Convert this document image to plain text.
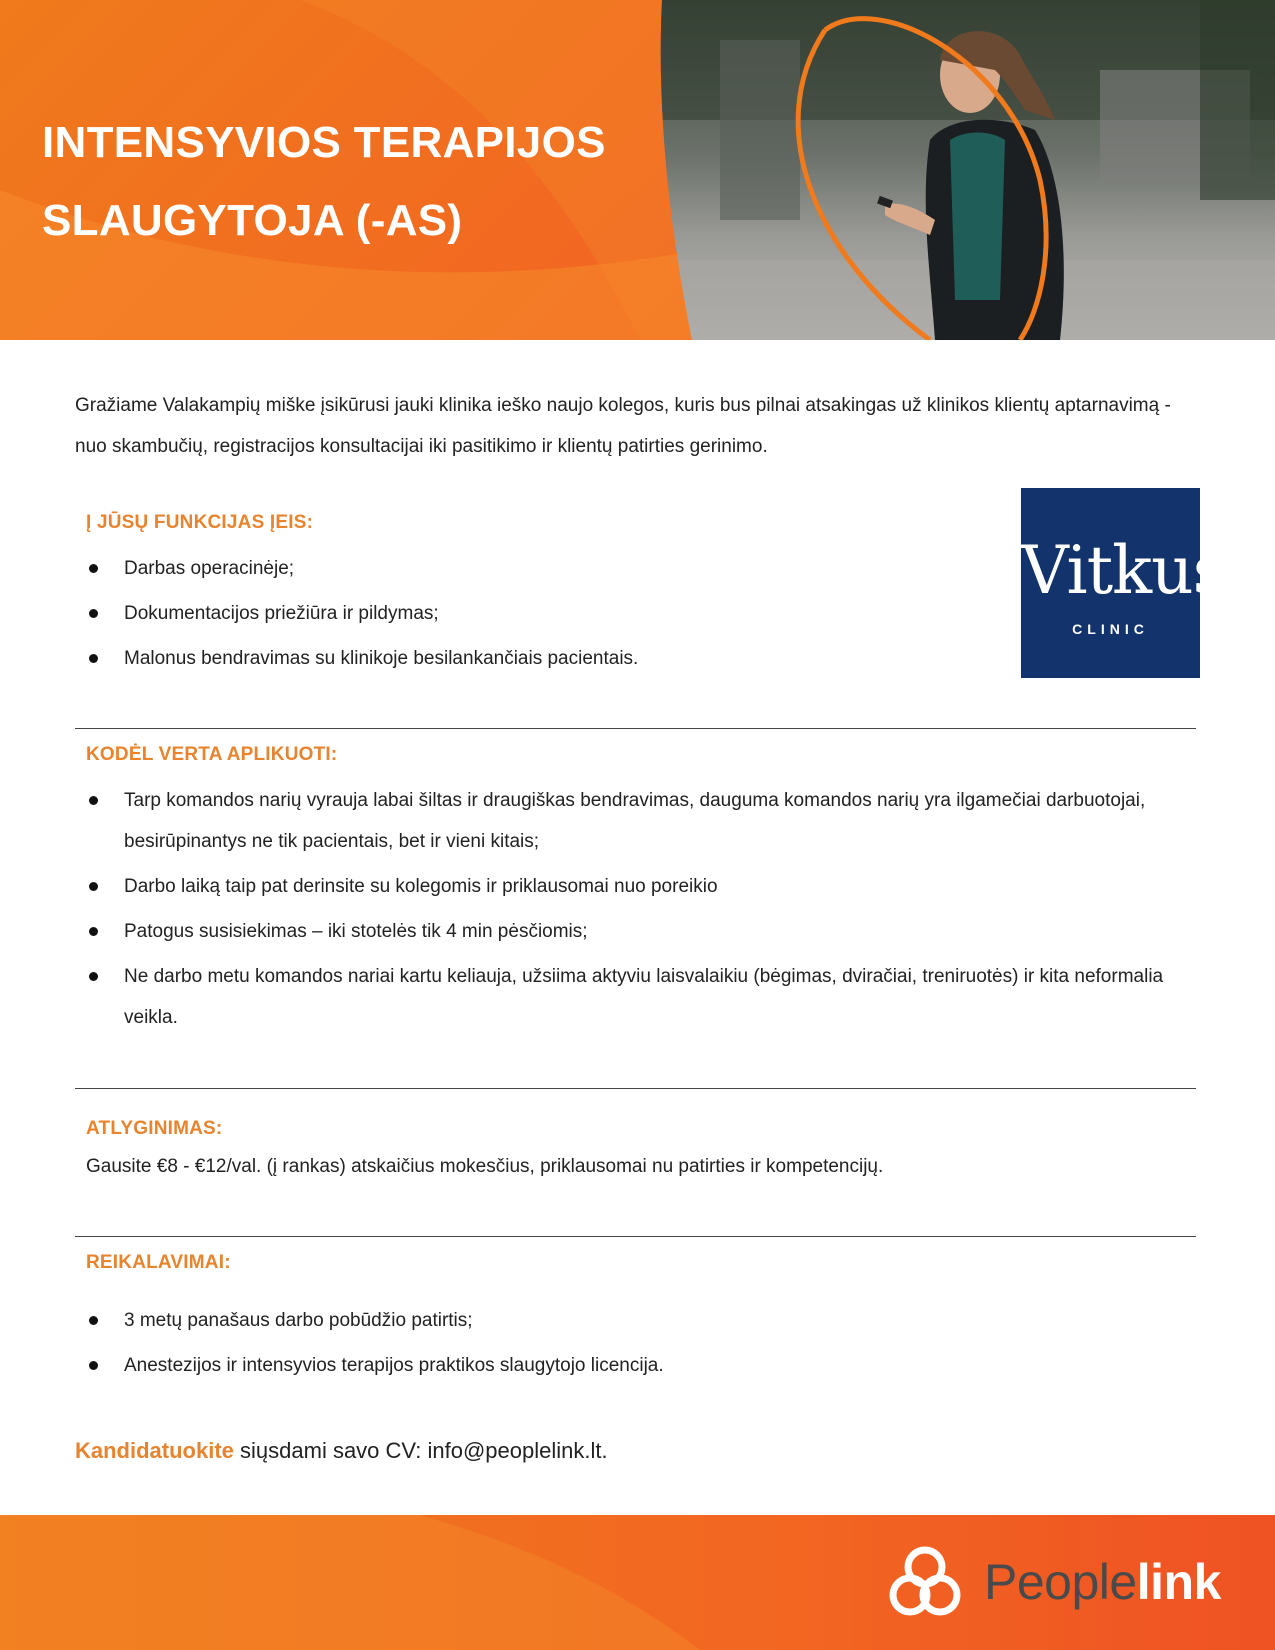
INTENSYVIOS TERAPIJOS
SLAUGYTOJA (-AS)

Gražiame Valakampių miške įsikūrusi jauki klinika ieško naujo kolegos, kuris bus pilnai atsakingas už klinikos klientų aptarnavimą - nuo skambučių, registracijos konsultacijai iki pasitikimo ir klientų patirties gerinimo.

Vitkus
CLINIC
Į JŪSŲ FUNKCIJAS ĮEIS:
Darbas operacinėje;
Dokumentacijos priežiūra ir pildymas;
Malonus bendravimas su klinikoje besilankančiais pacientais.
KODĖL VERTA APLIKUOTI:
Tarp komandos narių vyrauja labai šiltas ir draugiškas bendravimas, dauguma komandos narių yra ilgamečiai darbuotojai, besirūpinantys ne tik pacientais, bet ir vieni kitais;
Darbo laiką taip pat derinsite su kolegomis ir priklausomai nuo poreikio
Patogus susisiekimas – iki stotelės tik 4 min pėsčiomis;
Ne darbo metu komandos nariai kartu keliauja, užsiima aktyviu laisvalaikiu (bėgimas, dviračiai, treniruotės) ir kita neformalia veikla.
ATLYGINIMAS:

Gausite €8 - €12/val. (į rankas) atskaičius mokesčius, priklausomai nu patirties ir kompetencijų.

REIKALAVIMAI:
3 metų panašaus darbo pobūdžio patirtis;
Anestezijos ir intensyvios terapijos praktikos slaugytojo licencija.

Kandidatuokite siųsdami savo CV: info@peoplelink.lt.

Peoplelink
